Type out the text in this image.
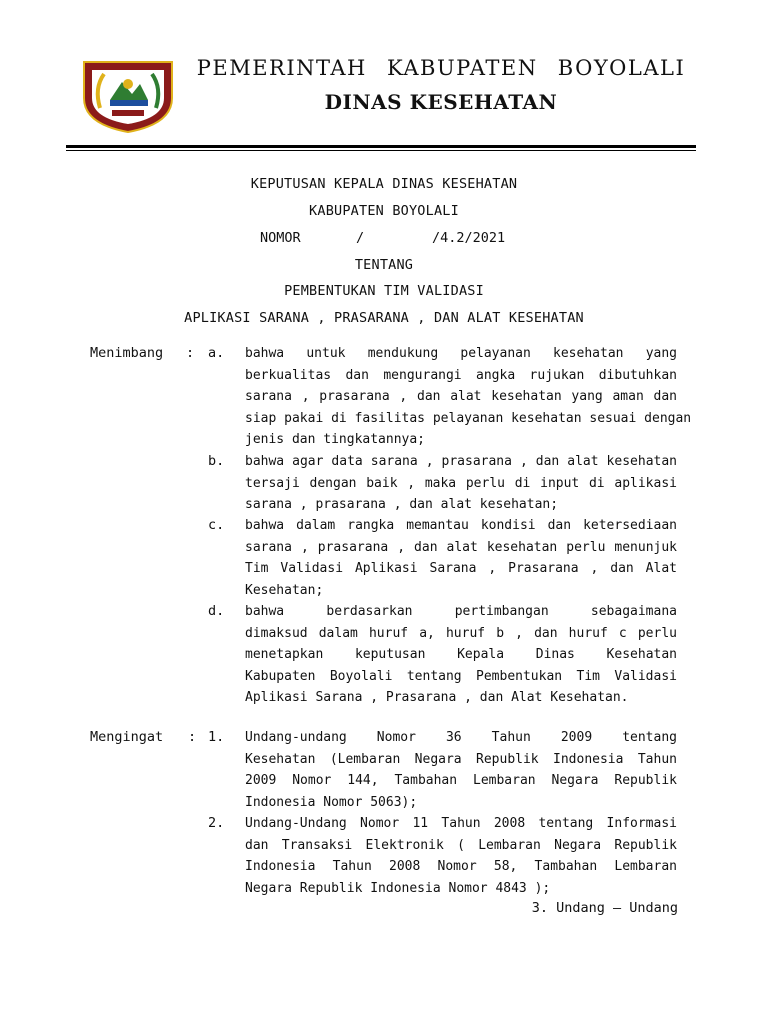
PEMERINTAH KABUPATEN BOYOLALI
DINAS KESEHATAN
KEPUTUSAN KEPALA DINAS KESEHATAN
KABUPATEN BOYOLALI
NOMOR	/	/4.2/2021
TENTANG
PEMBENTUKAN TIM VALIDASI
APLIKASI SARANA , PRASARANA , DAN ALAT KESEHATAN
Menimbang : a. bahwa untuk mendukung pelayanan kesehatan yang
berkualitas dan mengurangi angka rujukan dibutuhkan
sarana , prasarana , dan alat kesehatan yang aman dan
siap pakai di fasilitas pelayanan kesehatan sesuai dengan
jenis dan tingkatannya;
b. bahwa agar data sarana , prasarana , dan alat kesehatan
tersaji dengan baik , maka perlu di input di aplikasi
sarana , prasarana , dan alat kesehatan;
c. bahwa dalam rangka memantau kondisi dan ketersediaan
sarana , prasarana , dan alat kesehatan perlu menunjuk
Tim Validasi Aplikasi Sarana , Prasarana , dan Alat
Kesehatan;
d. bahwa berdasarkan pertimbangan sebagaimana
dimaksud dalam huruf a, huruf b , dan huruf c perlu
menetapkan keputusan Kepala Dinas Kesehatan
Kabupaten Boyolali tentang Pembentukan Tim Validasi
Aplikasi Sarana , Prasarana , dan Alat Kesehatan.
Mengingat : 1. Undang-undang Nomor 36 Tahun 2009 tentang
Kesehatan (Lembaran Negara Republik Indonesia Tahun
2009 Nomor 144, Tambahan Lembaran Negara Republik
Indonesia Nomor 5063);
2. Undang-Undang Nomor 11 Tahun 2008 tentang Informasi
dan Transaksi Elektronik ( Lembaran Negara Republik
Indonesia Tahun 2008 Nomor 58, Tambahan Lembaran
Negara Republik Indonesia Nomor 4843 );
3. Undang – Undang
